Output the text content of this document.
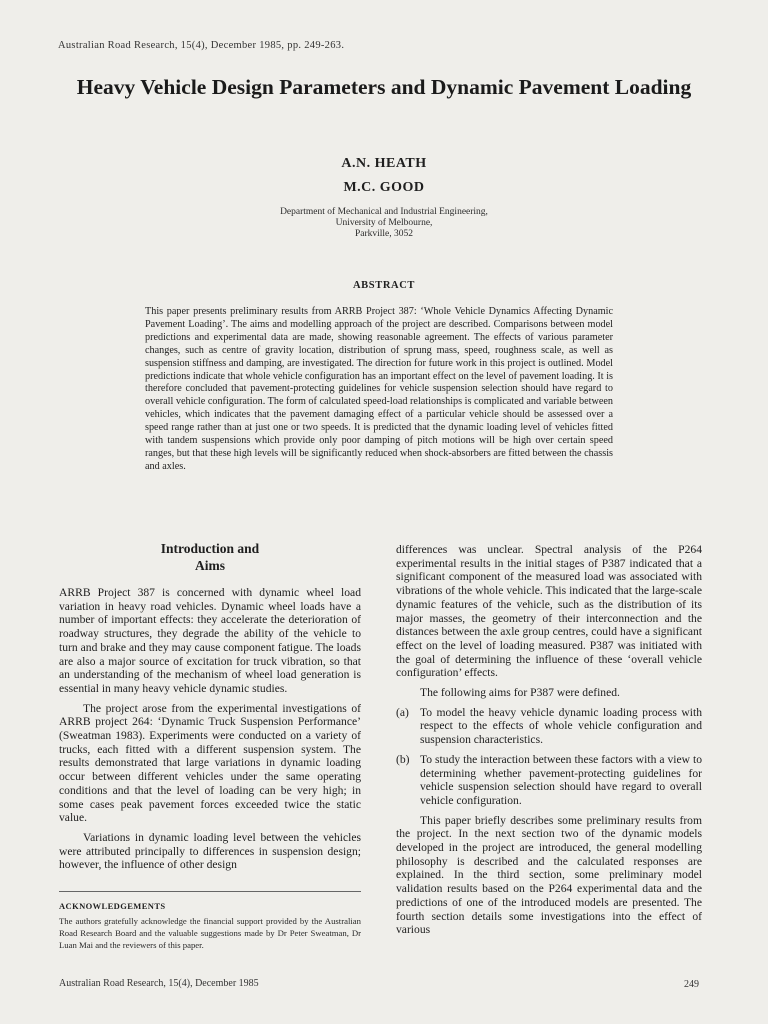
Australian Road Research, 15(4), December 1985, pp. 249-263.
Heavy Vehicle Design Parameters and Dynamic Pavement Loading
A.N. HEATH
M.C. GOOD
Department of Mechanical and Industrial Engineering,
University of Melbourne,
Parkville, 3052
ABSTRACT
This paper presents preliminary results from ARRB Project 387: ‘Whole Vehicle Dynamics Affecting Dynamic Pavement Loading’. The aims and modelling approach of the project are described. Comparisons between model predictions and experimental data are made, showing reasonable agreement. The effects of various parameter changes, such as centre of gravity location, distribution of sprung mass, speed, roughness scale, as well as suspension stiffness and damping, are investigated. The direction for future work in this project is outlined. Model predictions indicate that whole vehicle configuration has an important effect on the level of pavement loading. It is therefore concluded that pavement-protecting guidelines for vehicle suspension selection should have regard to overall vehicle configuration. The form of calculated speed-load relationships is complicated and variable between vehicles, which indicates that the pavement damaging effect of a particular vehicle should be assessed over a speed range rather than at just one or two speeds. It is predicted that the dynamic loading level of vehicles fitted with tandem suspensions which provide only poor damping of pitch motions will be high over certain speed ranges, but that these high levels will be significantly reduced when shock-absorbers are fitted between the chassis and axles.
Introduction and
Aims

ARRB Project 387 is concerned with dynamic wheel load variation in heavy road vehicles. Dynamic wheel loads have a number of important effects: they accelerate the deterioration of roadway structures, they degrade the ability of the vehicle to turn and brake and they may cause component fatigue. The loads are also a major source of excitation for truck vibration, so that an understanding of the mechanism of wheel load generation is essential in many heavy vehicle dynamic studies.

The project arose from the experimental investigations of ARRB project 264: ‘Dynamic Truck Suspension Performance’ (Sweatman 1983). Experiments were conducted on a variety of trucks, each fitted with a different suspension system. The results demonstrated that large variations in dynamic loading occur between different vehicles under the same operating conditions and that the level of loading can be very high; in some cases peak pavement forces exceeded twice the static value.

Variations in dynamic loading level between the vehicles were attributed principally to differences in suspension design; however, the influence of other design

differences was unclear. Spectral analysis of the P264 experimental results in the initial stages of P387 indicated that a significant component of the measured load was associated with vibrations of the whole vehicle. This indicated that the large-scale dynamic features of the vehicle, such as the distribution of its major masses, the geometry of their interconnection and the distances between the axle group centres, could have a significant effect on the level of loading measured. P387 was initiated with the goal of determining the influence of these ‘overall vehicle configuration’ effects.

The following aims for P387 were defined.

(a) To model the heavy vehicle dynamic loading process with respect to the effects of whole vehicle configuration and suspension characteristics.
(b) To study the interaction between these factors with a view to determining whether pavement-protecting guidelines for vehicle suspension selection should have regard to overall vehicle configuration.

This paper briefly describes some preliminary results from the project. In the next section two of the dynamic models developed in the project are introduced, the general modelling philosophy is described and the calculated responses are explained. In the third section, some preliminary model validation results based on the P264 experimental data and the predictions of one of the introduced models are presented. The fourth section details some investigations into the effect of various

ACKNOWLEDGEMENTS
The authors gratefully acknowledge the financial support provided by the Australian Road Research Board and the valuable suggestions made by Dr Peter Sweatman, Dr Luan Mai and the reviewers of this paper.
Australian Road Research, 15(4), December 1985	249
